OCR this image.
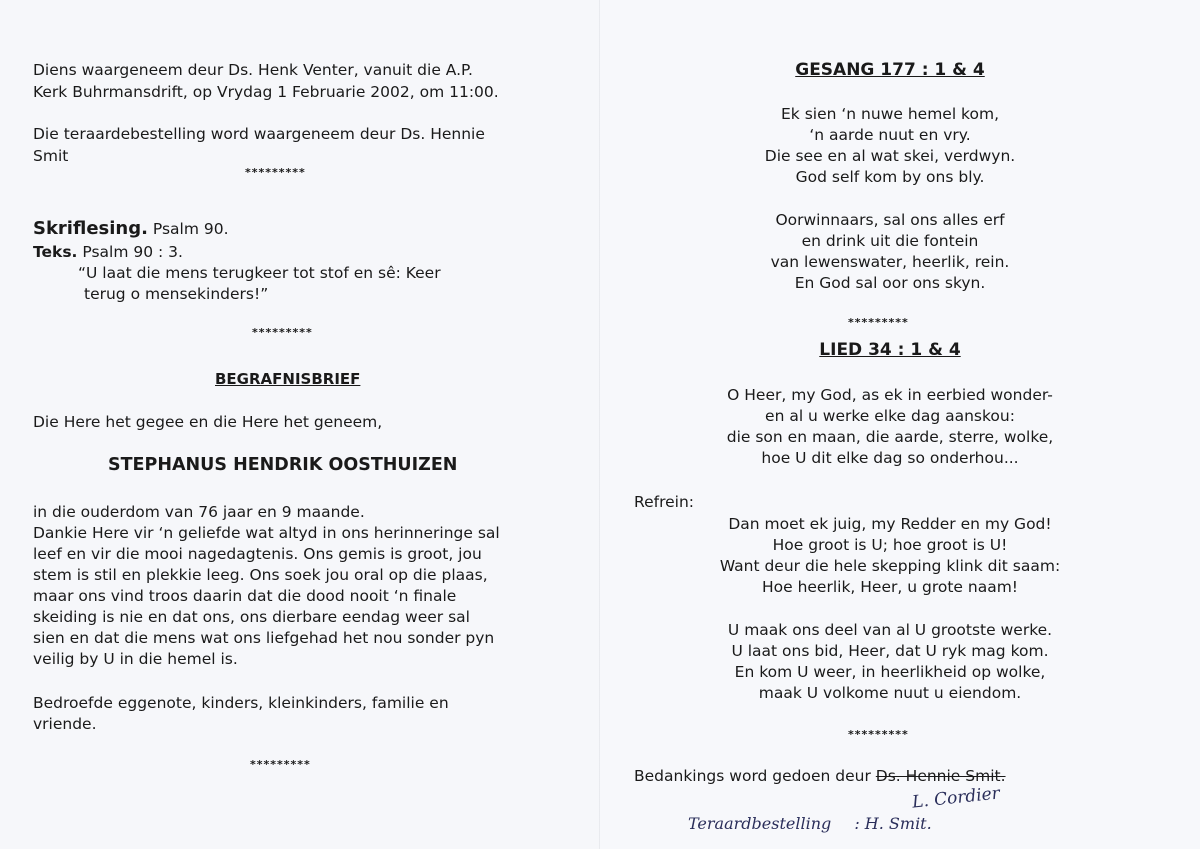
Diens waargeneem deur Ds. Henk Venter, vanuit die A.P.

Kerk Buhrmansdrift, op Vrydag 1 Februarie 2002, om 11:00.

Die teraardebestelling word waargeneem deur Ds. Hennie

Smit

*********

Skriflesing. Psalm 90.

Teks. Psalm 90 : 3.

“U laat die mens terugkeer tot stof en sê: Keer

terug o mensekinders!”

*********
BEGRAFNISBRIEF

Die Here het gegee en die Here het geneem,

STEPHANUS HENDRIK OOSTHUIZEN

in die ouderdom van 76 jaar en 9 maande.

Dankie Here vir ‘n geliefde wat altyd in ons herinneringe sal

leef en vir die mooi nagedagtenis. Ons gemis is groot, jou

stem is stil en plekkie leeg. Ons soek jou oral op die plaas,

maar ons vind troos daarin dat die dood nooit ‘n finale

skeiding is nie en dat ons, ons dierbare eendag weer sal

sien en dat die mens wat ons liefgehad het nou sonder pyn

veilig by U in die hemel is.

Bedroefde eggenote, kinders, kleinkinders, familie en

vriende.

*********
GESANG 177 : 1 & 4

Ek sien ‘n nuwe hemel kom,

‘n aarde nuut en vry.

Die see en al wat skei, verdwyn.

God self kom by ons bly.

Oorwinnaars, sal ons alles erf

en drink uit die fontein

van lewenswater, heerlik, rein.

En God sal oor ons skyn.

*********
LIED 34 : 1 & 4

O Heer, my God, as ek in eerbied wonder-

en al u werke elke dag aanskou:

die son en maan, die aarde, sterre, wolke,

hoe U dit elke dag so onderhou...

Refrein:

Dan moet ek juig, my Redder en my God!

Hoe groot is U; hoe groot is U!

Want deur die hele skepping klink dit saam:

Hoe heerlik, Heer, u grote naam!

U maak ons deel van al U grootste werke.

U laat ons bid, Heer, dat U ryk mag kom.

En kom U weer, in heerlikheid op wolke,

maak U volkome nuut u eiendom.

*********

Bedankings word gedoen deur Ds. Hennie Smit.

L. Cordier
Teraardbestelling : H. Smit.
